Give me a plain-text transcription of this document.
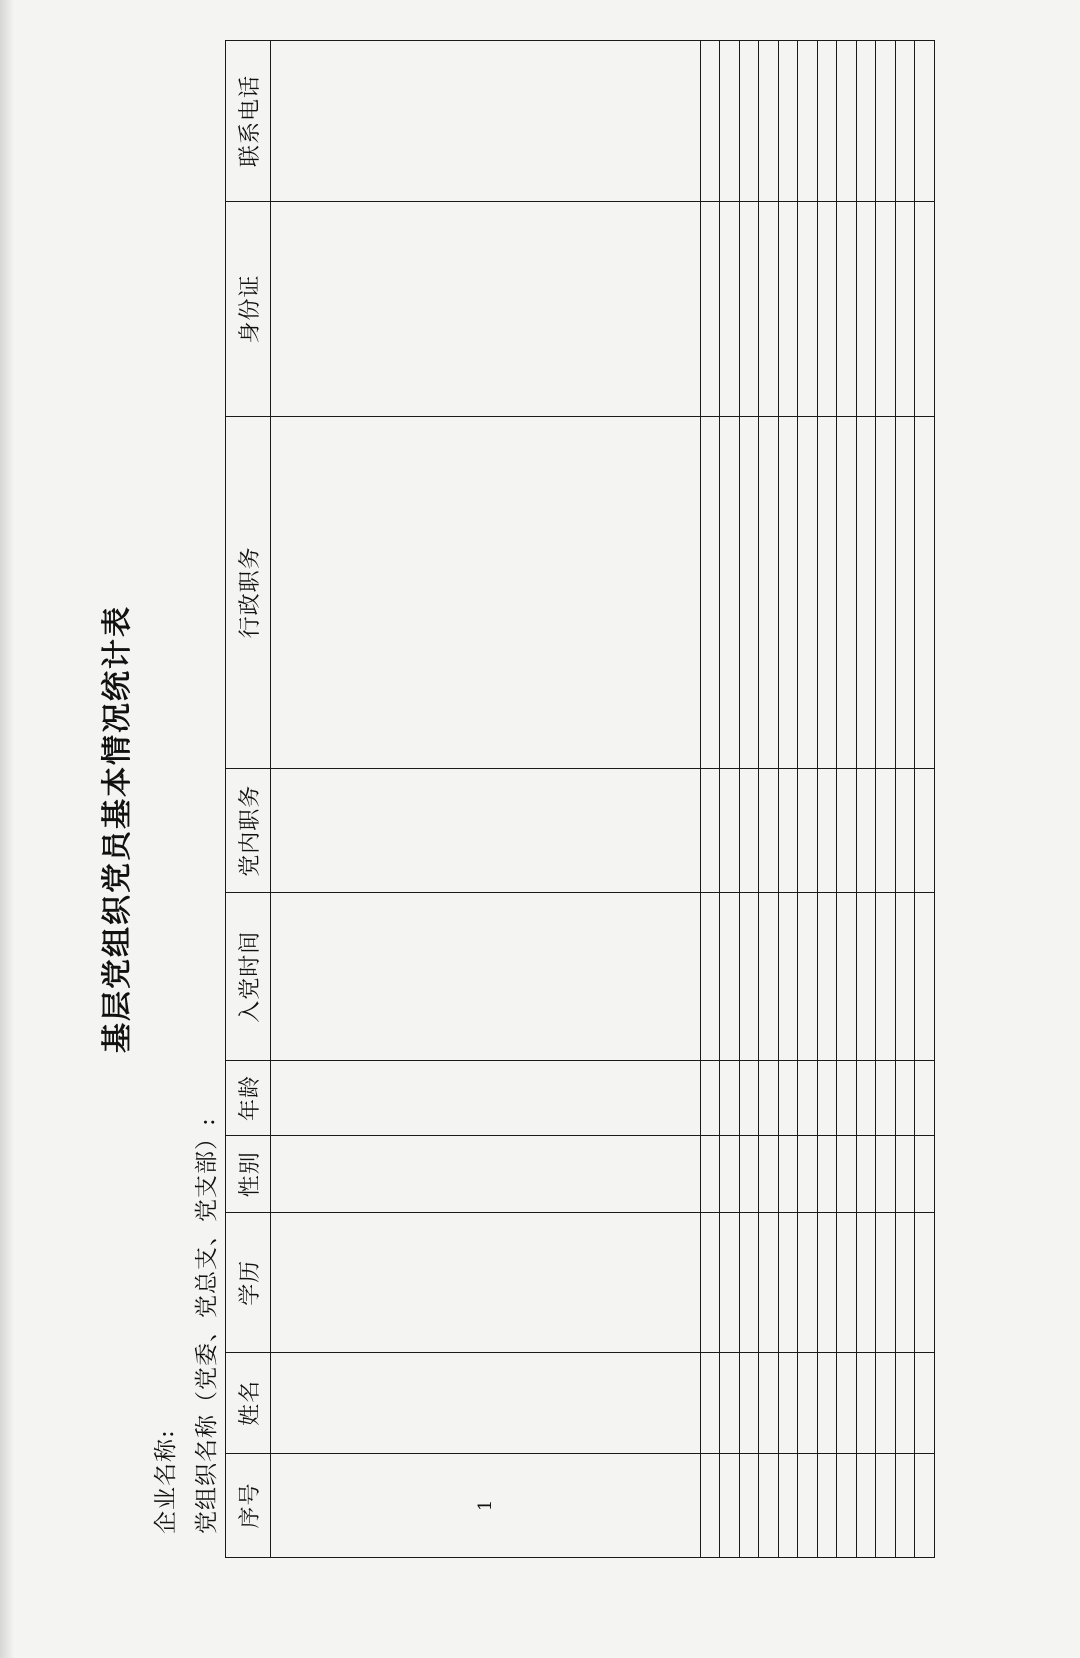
基层党组织党员基本情况统计表
企业名称: 党组织名称（党委、党总支、党支部）: 序号	姓名	学历	性别	年龄	入党时间	党内职务	行政职务	身份证	联系电话
1									
